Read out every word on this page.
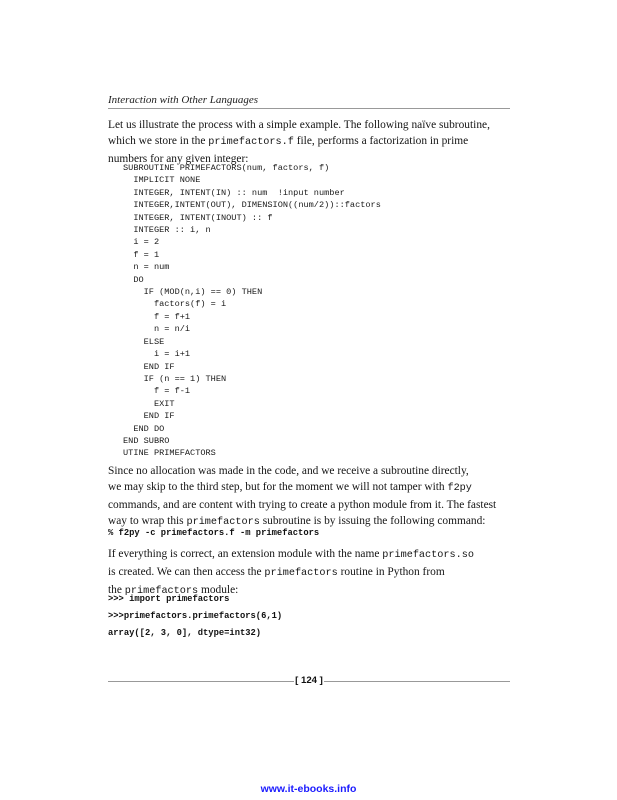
Interaction with Other Languages
Let us illustrate the process with a simple example. The following naïve subroutine,
which we store in the primefactors.f file, performs a factorization in prime
numbers for any given integer:
SUBROUTINE PRIMEFACTORS(num, factors, f)
IMPLICIT NONE
INTEGER, INTENT(IN) :: num  !input number
INTEGER,INTENT(OUT), DIMENSION((num/2))::factors
INTEGER, INTENT(INOUT) :: f
INTEGER :: i, n
i = 2
f = 1
n = num
DO
IF (MOD(n,i) == 0) THEN
factors(f) = i
f = f+1
n = n/i
ELSE
i = i+1
END IF
IF (n == 1) THEN
f = f-1
EXIT
END IF
END DO
END SUBRO
UTINE PRIMEFACTORS
Since no allocation was made in the code, and we receive a subroutine directly,
we may skip to the third step, but for the moment we will not tamper with f2py
commands, and are content with trying to create a python module from it. The fastest
way to wrap this primefactors subroutine is by issuing the following command:
% f2py -c primefactors.f -m primefactors
If everything is correct, an extension module with the name primefactors.so
is created. We can then access the primefactors routine in Python from
the primefactors module:
>>> import primefactors
>>>primefactors.primefactors(6,1)
array([2, 3, 0], dtype=int32)
[ 124 ]
www.it-ebooks.info
